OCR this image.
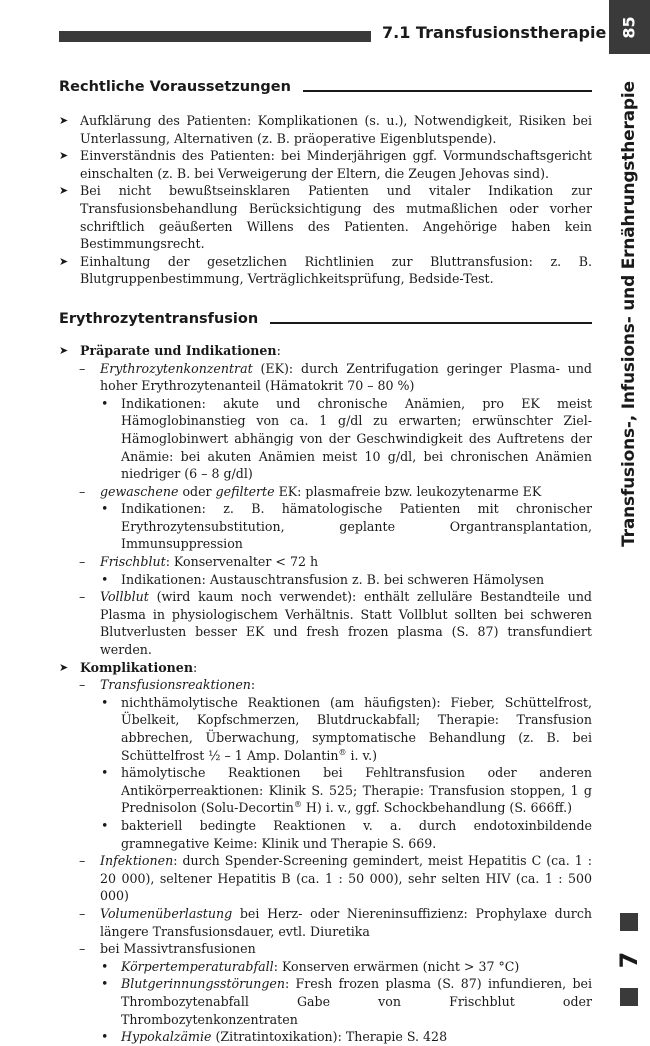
7.1 Transfusionstherapie 85
Transfusions-, Infusions- und Ernährungstherapie
7
Rechtliche Voraussetzungen
➤ Aufklärung des Patienten: Komplikationen (s. u.), Notwendigkeit, Risiken bei Unterlassung, Alternativen (z. B. präoperative Eigenblutspende).
➤ Einverständnis des Patienten: bei Minderjährigen ggf. Vormundschaftsgericht einschalten (z. B. bei Verweigerung der Eltern, die Zeugen Jehovas sind).
➤ Bei nicht bewußtseinsklaren Patienten und vitaler Indikation zur Transfusionsbehandlung Berücksichtigung des mutmaßlichen oder vorher schriftlich geäußerten Willens des Patienten. Angehörige haben kein Bestimmungsrecht.
➤ Einhaltung der gesetzlichen Richtlinien zur Bluttransfusion: z. B. Blutgruppenbestimmung, Verträglichkeitsprüfung, Bedside-Test.
Erythrozytentransfusion
➤ Präparate und Indikationen:
– Erythrozytenkonzentrat (EK): durch Zentrifugation geringer Plasma- und hoher Erythrozytenanteil (Hämatokrit 70 – 80 %)
• Indikationen: akute und chronische Anämien, pro EK meist Hämoglobinanstieg von ca. 1 g/dl zu erwarten; erwünschter Ziel-Hämoglobinwert abhängig von der Geschwindigkeit des Auftretens der Anämie: bei akuten Anämien meist 10 g/dl, bei chronischen Anämien niedriger (6 – 8 g/dl)
– gewaschene oder gefilterte EK: plasmafreie bzw. leukozytenarme EK
• Indikationen: z. B. hämatologische Patienten mit chronischer Erythrozytensubstitution, geplante Organtransplantation, Immunsuppression
– Frischblut: Konservenalter < 72 h
• Indikationen: Austauschtransfusion z. B. bei schweren Hämolysen
– Vollblut (wird kaum noch verwendet): enthält zelluläre Bestandteile und Plasma in physiologischem Verhältnis. Statt Vollblut sollten bei schweren Blutverlusten besser EK und fresh frozen plasma (S. 87) transfundiert werden.
➤ Komplikationen:
– Transfusionsreaktionen:
• nichthämolytische Reaktionen (am häufigsten): Fieber, Schüttelfrost, Übelkeit, Kopfschmerzen, Blutdruckabfall; Therapie: Transfusion abbrechen, Überwachung, symptomatische Behandlung (z. B. bei Schüttelfrost ½ – 1 Amp. Dolantin® i. v.)
• hämolytische Reaktionen bei Fehltransfusion oder anderen Antikörperreaktionen: Klinik S. 525; Therapie: Transfusion stoppen, 1 g Prednisolon (Solu-Decortin® H) i. v., ggf. Schockbehandlung (S. 666ff.)
• bakteriell bedingte Reaktionen v. a. durch endotoxinbildende gramnegative Keime: Klinik und Therapie S. 669.
– Infektionen: durch Spender-Screening gemindert, meist Hepatitis C (ca. 1 : 20 000), seltener Hepatitis B (ca. 1 : 50 000), sehr selten HIV (ca. 1 : 500 000)
– Volumenüberlastung bei Herz- oder Niereninsuffizienz: Prophylaxe durch längere Transfusionsdauer, evtl. Diuretika
– bei Massivtransfusionen
• Körpertemperaturabfall: Konserven erwärmen (nicht > 37 °C)
• Blutgerinnungsstörungen: Fresh frozen plasma (S. 87) infundieren, bei Thrombozytenabfall Gabe von Frischblut oder Thrombozytenkonzentraten
• Hypokalzämie (Zitratintoxikation): Therapie S. 428
